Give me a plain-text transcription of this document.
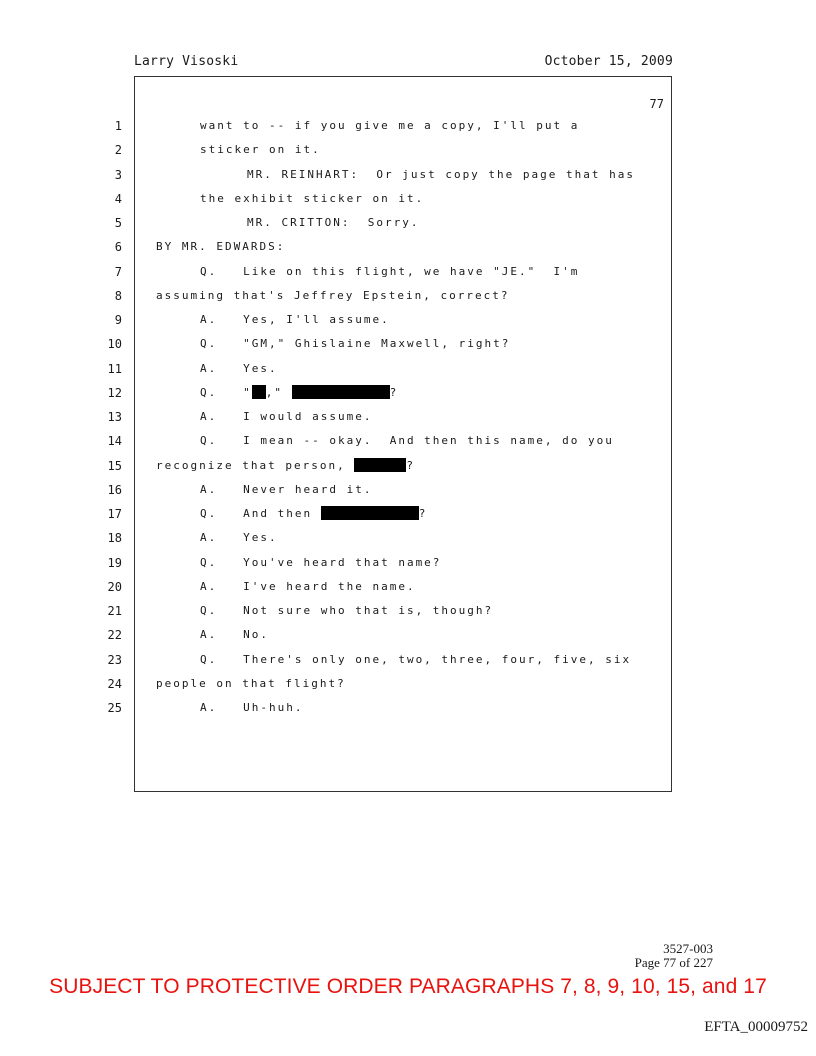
Larry Visoski	October 15, 2009
77
1	want to -- if you give me a copy, I'll put a
2	sticker on it.
3	MR. REINHART:  Or just copy the page that has
4	the exhibit sticker on it.
5	MR. CRITTON:  Sorry.
6	BY MR. EDWARDS:
7	Q.   Like on this flight, we have "JE."  I'm
8	assuming that's Jeffrey Epstein, correct?
9	A.   Yes, I'll assume.
10	Q.   "GM," Ghislaine Maxwell, right?
11	A.   Yes.
12	Q.   " ,"	?
13	A.   I would assume.
14	Q.   I mean -- okay.  And then this name, do you
15	recognize that person,	?
16	A.   Never heard it.
17	Q.   And then	?
18	A.   Yes.
19	Q.   You've heard that name?
20	A.   I've heard the name.
21	Q.   Not sure who that is, though?
22	A.   No.
23	Q.   There's only one, two, three, four, five, six
24	people on that flight?
25	A.   Uh-huh.
3527-003
Page 77 of 227
SUBJECT TO PROTECTIVE ORDER PARAGRAPHS 7, 8, 9, 10, 15, and 17
EFTA_00009752
